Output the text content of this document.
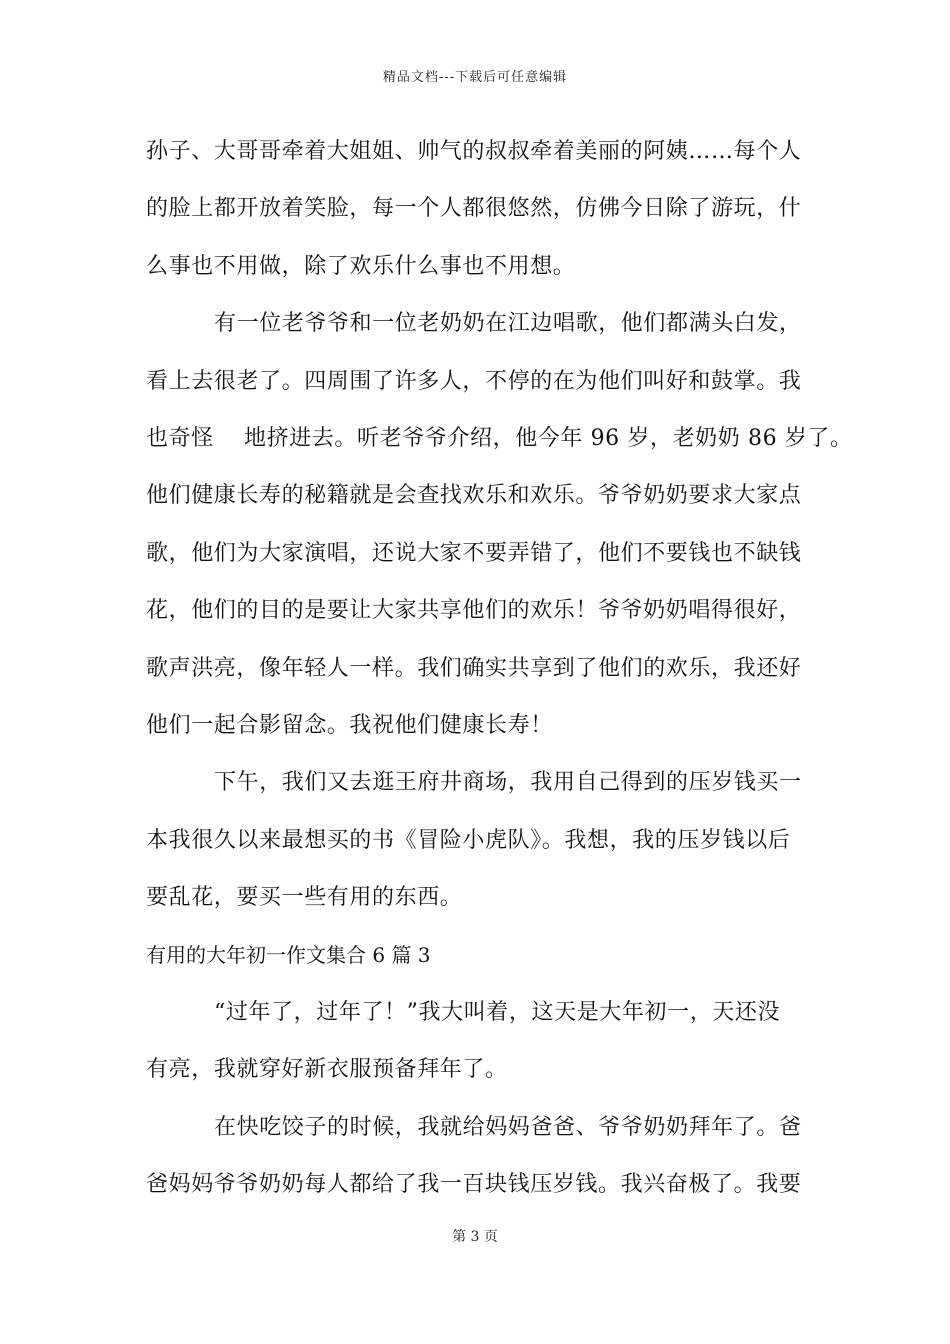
精品文档---下载后可任意编辑
孙子、大哥哥牵着大姐姐、帅气的叔叔牵着美丽的阿姨……每个人
的脸上都开放着笑脸，每一个人都很悠然，仿佛今日除了游玩，什
么事也不用做，除了欢乐什么事也不用想。
有一位老爷爷和一位老奶奶在江边唱歌，他们都满头白发，
看上去很老了。四周围了许多人，不停的在为他们叫好和鼓掌。我
也奇怪　 地挤进去。听老爷爷介绍，他今年 96 岁，老奶奶 86 岁了。
他们健康长寿的秘籍就是会查找欢乐和欢乐。爷爷奶奶要求大家点
歌，他们为大家演唱，还说大家不要弄错了，他们不要钱也不缺钱
花，他们的目的是要让大家共享他们的欢乐！爷爷奶奶唱得很好，
歌声洪亮，像年轻人一样。我们确实共享到了他们的欢乐，我还好
他们一起合影留念。我祝他们健康长寿！
下午，我们又去逛王府井商场，我用自己得到的压岁钱买一
本我很久以来最想买的书《冒险小虎队》。我想，我的压岁钱以后
要乱花，要买一些有用的东西。
有用的大年初一作文集合 6 篇 3
“过年了，过年了！”我大叫着，这天是大年初一，天还没
有亮，我就穿好新衣服预备拜年了。
在快吃饺子的时候，我就给妈妈爸爸、爷爷奶奶拜年了。爸
爸妈妈爷爷奶奶每人都给了我一百块钱压岁钱。我兴奋极了。我要
第 3 页
